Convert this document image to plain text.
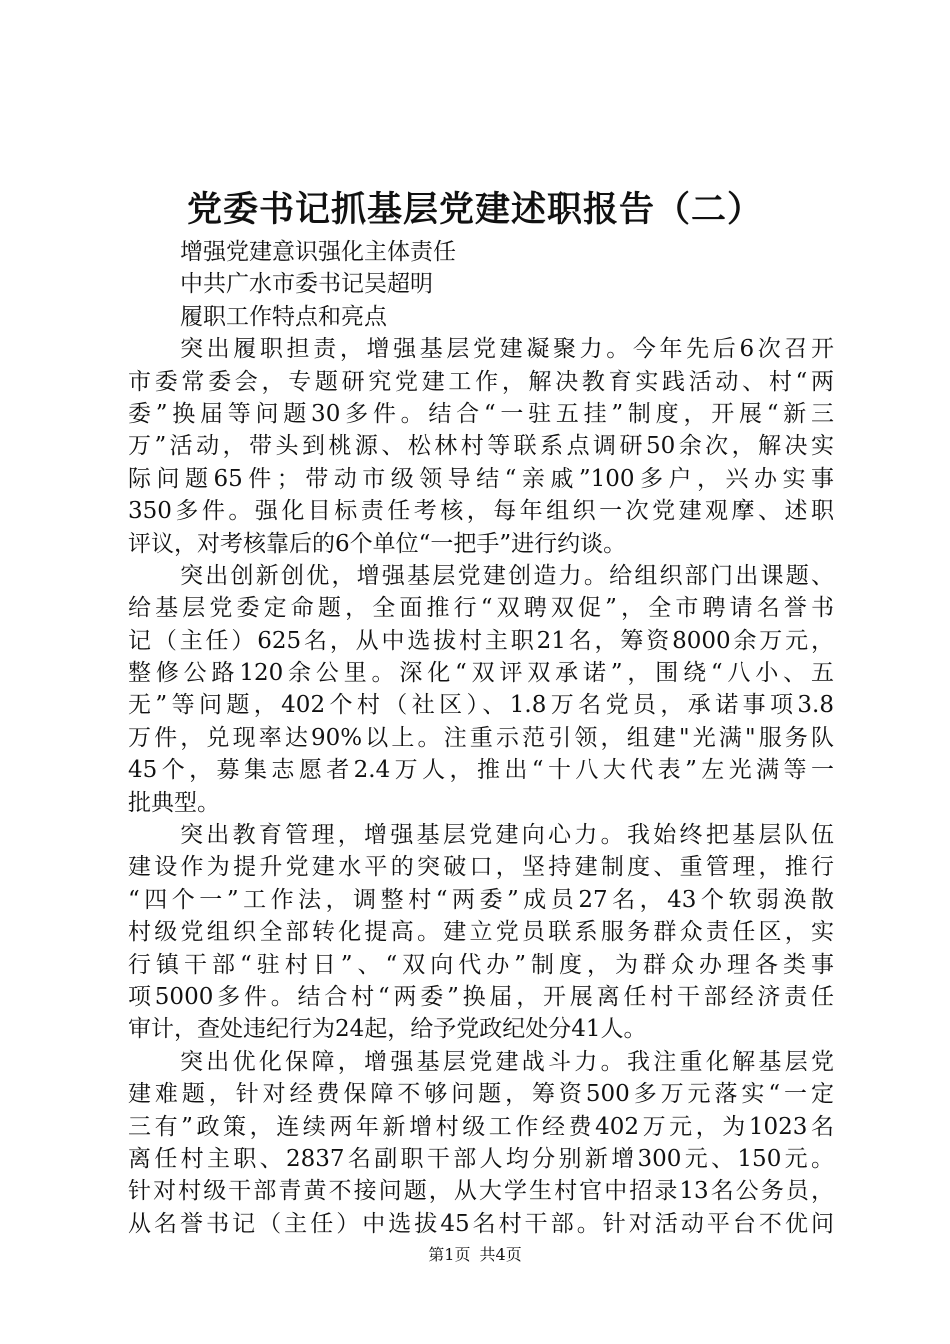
党委书记抓基层党建述职报告（二）
增强党建意识强化主体责任
中共广水市委书记吴超明
履职工作特点和亮点
突出履职担责，增强基层党建凝聚力。今年先后6次召开
市委常委会，专题研究党建工作，解决教育实践活动、村“两
委”换届等问题30多件。结合“一驻五挂”制度，开展“新三
万”活动，带头到桃源、松林村等联系点调研50余次，解决实
际问题65件；带动市级领导结“亲戚”100多户，兴办实事
350多件。强化目标责任考核，每年组织一次党建观摩、述职
评议，对考核靠后的6个单位“一把手”进行约谈。
突出创新创优，增强基层党建创造力。给组织部门出课题、
给基层党委定命题，全面推行“双聘双促”，全市聘请名誉书
记（主任）625名，从中选拔村主职21名，筹资8000余万元，
整修公路120余公里。深化“双评双承诺”，围绕“八小、五
无”等问题，402个村（社区）、1.8万名党员，承诺事项3.8
万件，兑现率达90%以上。注重示范引领，组建"光满"服务队
45个，募集志愿者2.4万人，推出“十八大代表”左光满等一
批典型。
突出教育管理，增强基层党建向心力。我始终把基层队伍
建设作为提升党建水平的突破口，坚持建制度、重管理，推行
“四个一”工作法，调整村“两委”成员27名，43个软弱涣散
村级党组织全部转化提高。建立党员联系服务群众责任区，实
行镇干部“驻村日”、“双向代办”制度，为群众办理各类事
项5000多件。结合村“两委”换届，开展离任村干部经济责任
审计，查处违纪行为24起，给予党政纪处分41人。
突出优化保障，增强基层党建战斗力。我注重化解基层党
建难题，针对经费保障不够问题，筹资500多万元落实“一定
三有”政策，连续两年新增村级工作经费402万元，为1023名
离任村主职、2837名副职干部人均分别新增300元、150元。
针对村级干部青黄不接问题，从大学生村官中招录13名公务员，
从名誉书记（主任）中选拔45名村干部。针对活动平台不优问
第1页 共4页
